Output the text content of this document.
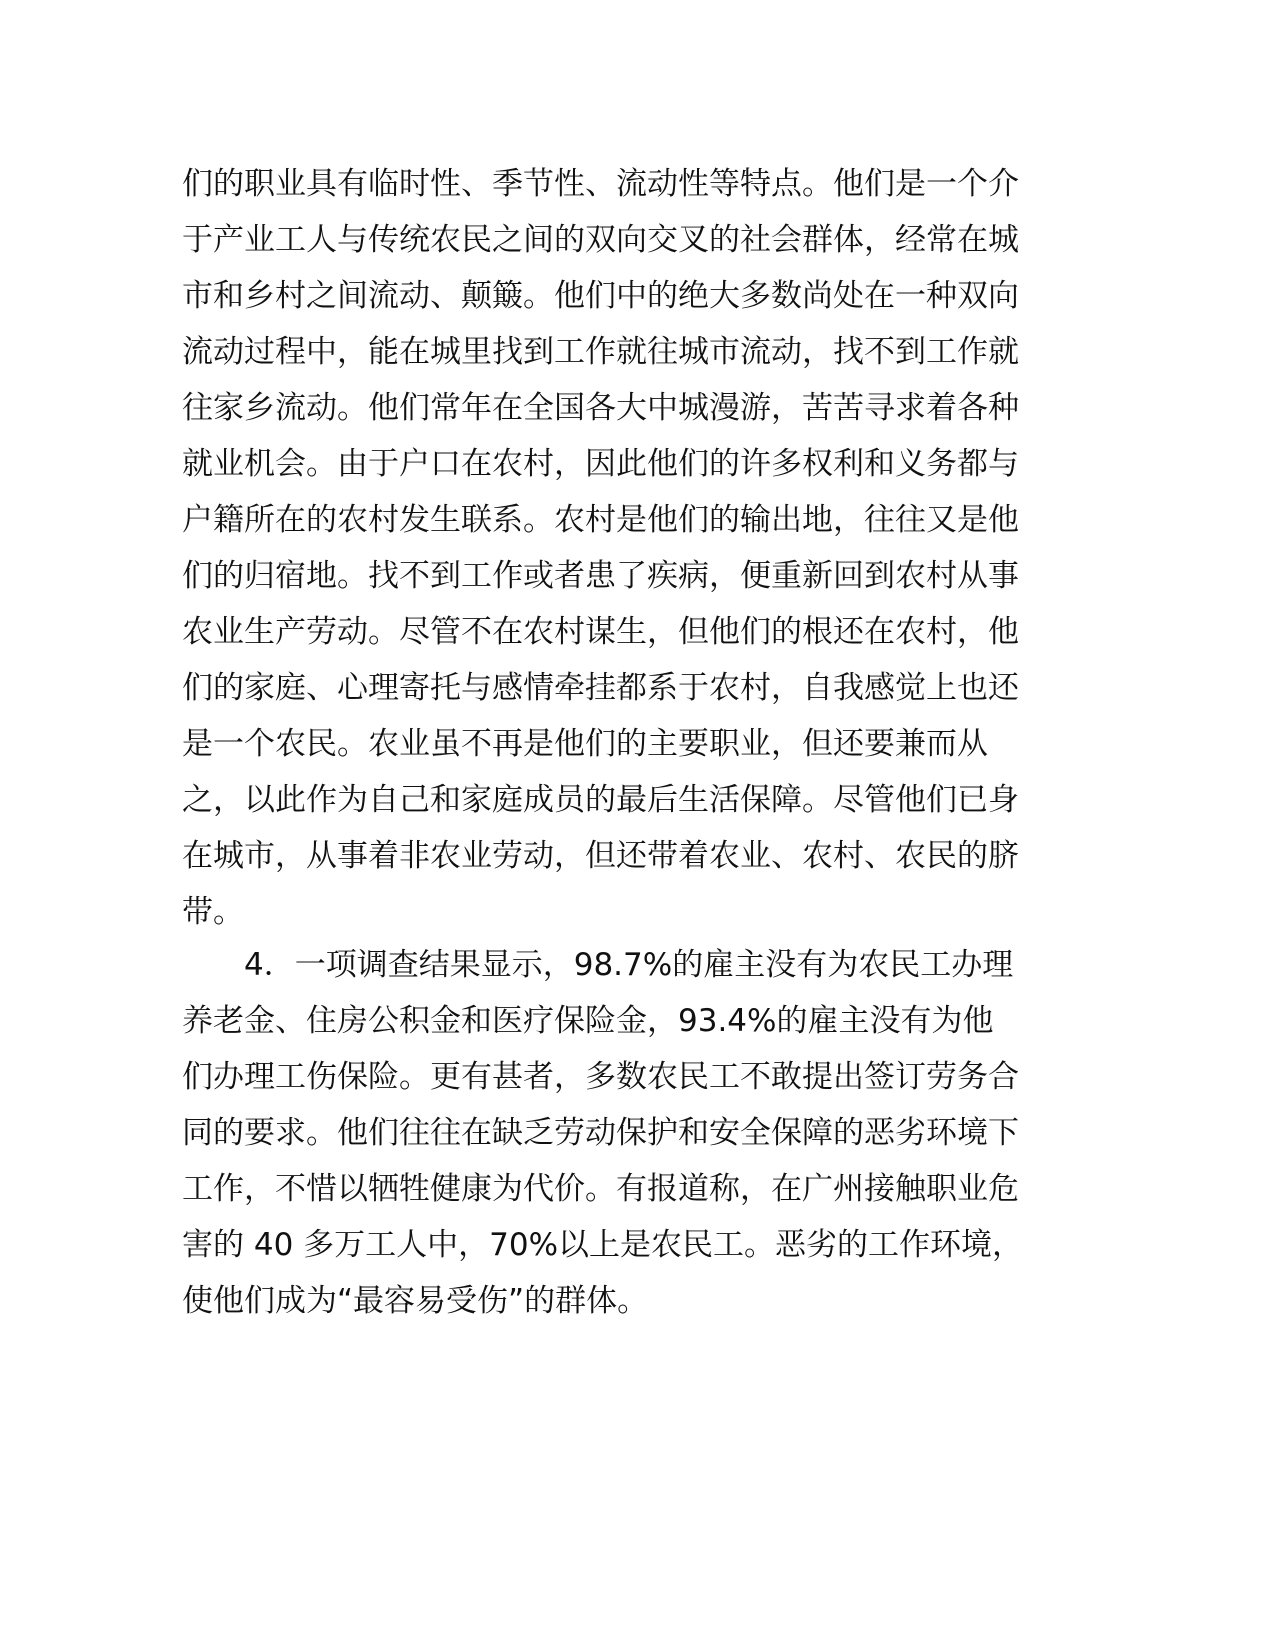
们的职业具有临时性、季节性、流动性等特点。他们是一个介
于产业工人与传统农民之间的双向交叉的社会群体，经常在城
市和乡村之间流动、颠簸。他们中的绝大多数尚处在一种双向
流动过程中，能在城里找到工作就往城市流动，找不到工作就
往家乡流动。他们常年在全国各大中城漫游，苦苦寻求着各种
就业机会。由于户口在农村，因此他们的许多权利和义务都与
户籍所在的农村发生联系。农村是他们的输出地，往往又是他
们的归宿地。找不到工作或者患了疾病，便重新回到农村从事
农业生产劳动。尽管不在农村谋生，但他们的根还在农村，他
们的家庭、心理寄托与感情牵挂都系于农村，自我感觉上也还
是一个农民。农业虽不再是他们的主要职业，但还要兼而从
之，以此作为自己和家庭成员的最后生活保障。尽管他们已身
在城市，从事着非农业劳动，但还带着农业、农村、农民的脐
带。
　　4．一项调查结果显示，98.7%的雇主没有为农民工办理
养老金、住房公积金和医疗保险金，93.4%的雇主没有为他
们办理工伤保险。更有甚者，多数农民工不敢提出签订劳务合
同的要求。他们往往在缺乏劳动保护和安全保障的恶劣环境下
工作，不惜以牺牲健康为代价。有报道称，在广州接触职业危
害的 40 多万工人中，70%以上是农民工。恶劣的工作环境，
使他们成为“最容易受伤”的群体。
